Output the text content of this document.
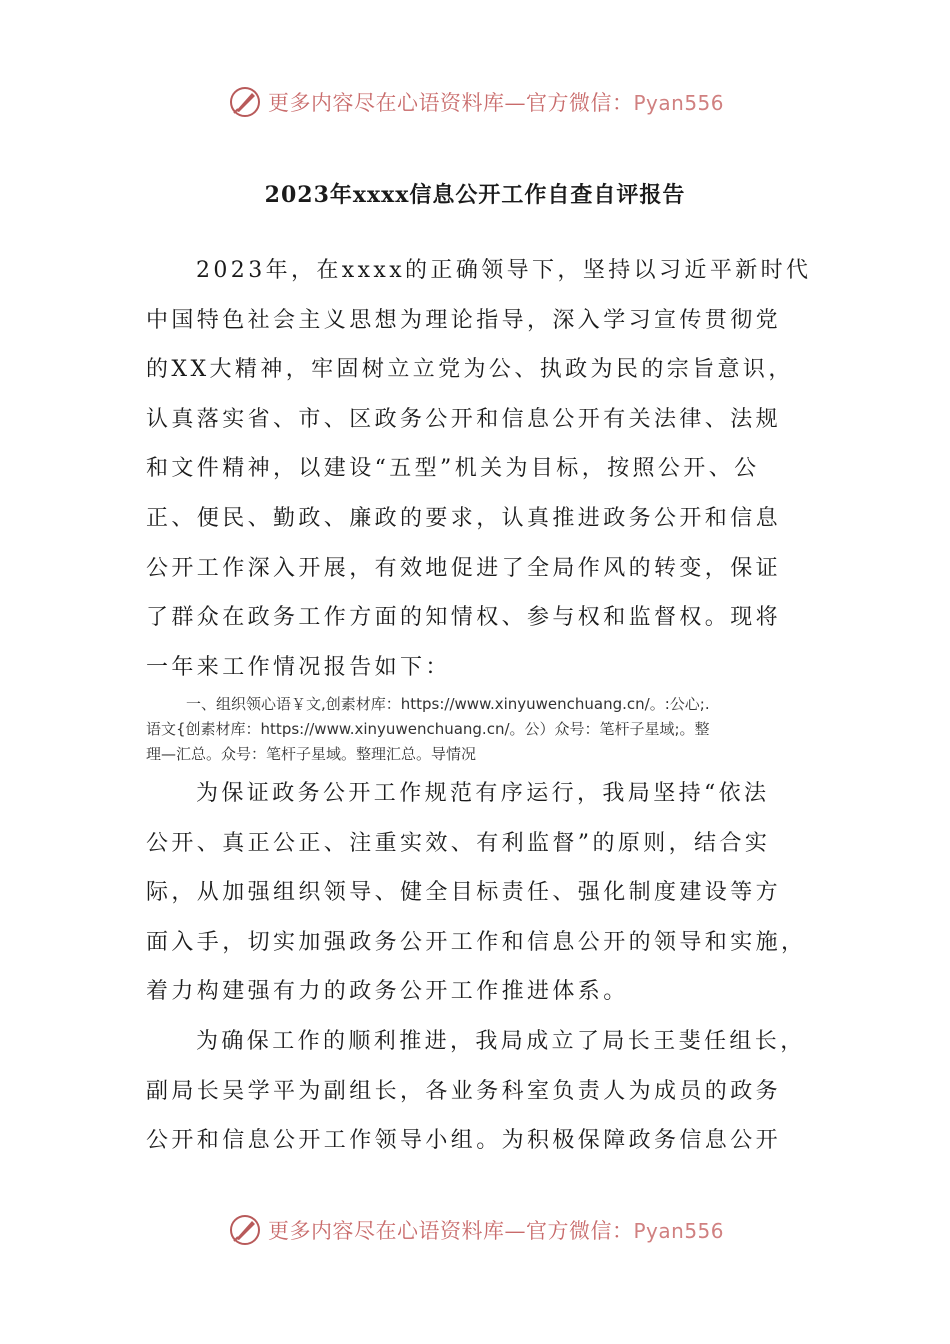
更多内容尽在心语资料库—官方微信：Pyan556
2023年xxxx信息公开工作自查自评报告
2023年，在xxxx的正确领导下，坚持以习近平新时代
中国特色社会主义思想为理论指导，深入学习宣传贯彻党
的XX大精神，牢固树立立党为公、执政为民的宗旨意识，
认真落实省、市、区政务公开和信息公开有关法律、法规
和文件精神，以建设“五型”机关为目标，按照公开、公
正、便民、勤政、廉政的要求，认真推进政务公开和信息
公开工作深入开展，有效地促进了全局作风的转变，保证
了群众在政务工作方面的知情权、参与权和监督权。现将
一年来工作情况报告如下：
一、组织领心语￥文,创素材库：https://www.xinyuwenchuang.cn/。:公心;.
语文{创素材库：https://www.xinyuwenchuang.cn/。公）众号：笔杆子星域;。整
理—汇总。众号：笔杆子星域。整理汇总。导情况
为保证政务公开工作规范有序运行，我局坚持“依法
公开、真正公正、注重实效、有利监督”的原则，结合实
际，从加强组织领导、健全目标责任、强化制度建设等方
面入手，切实加强政务公开工作和信息公开的领导和实施，
着力构建强有力的政务公开工作推进体系。
为确保工作的顺利推进，我局成立了局长王斐任组长，
副局长吴学平为副组长，各业务科室负责人为成员的政务
公开和信息公开工作领导小组。为积极保障政务信息公开
更多内容尽在心语资料库—官方微信：Pyan556
